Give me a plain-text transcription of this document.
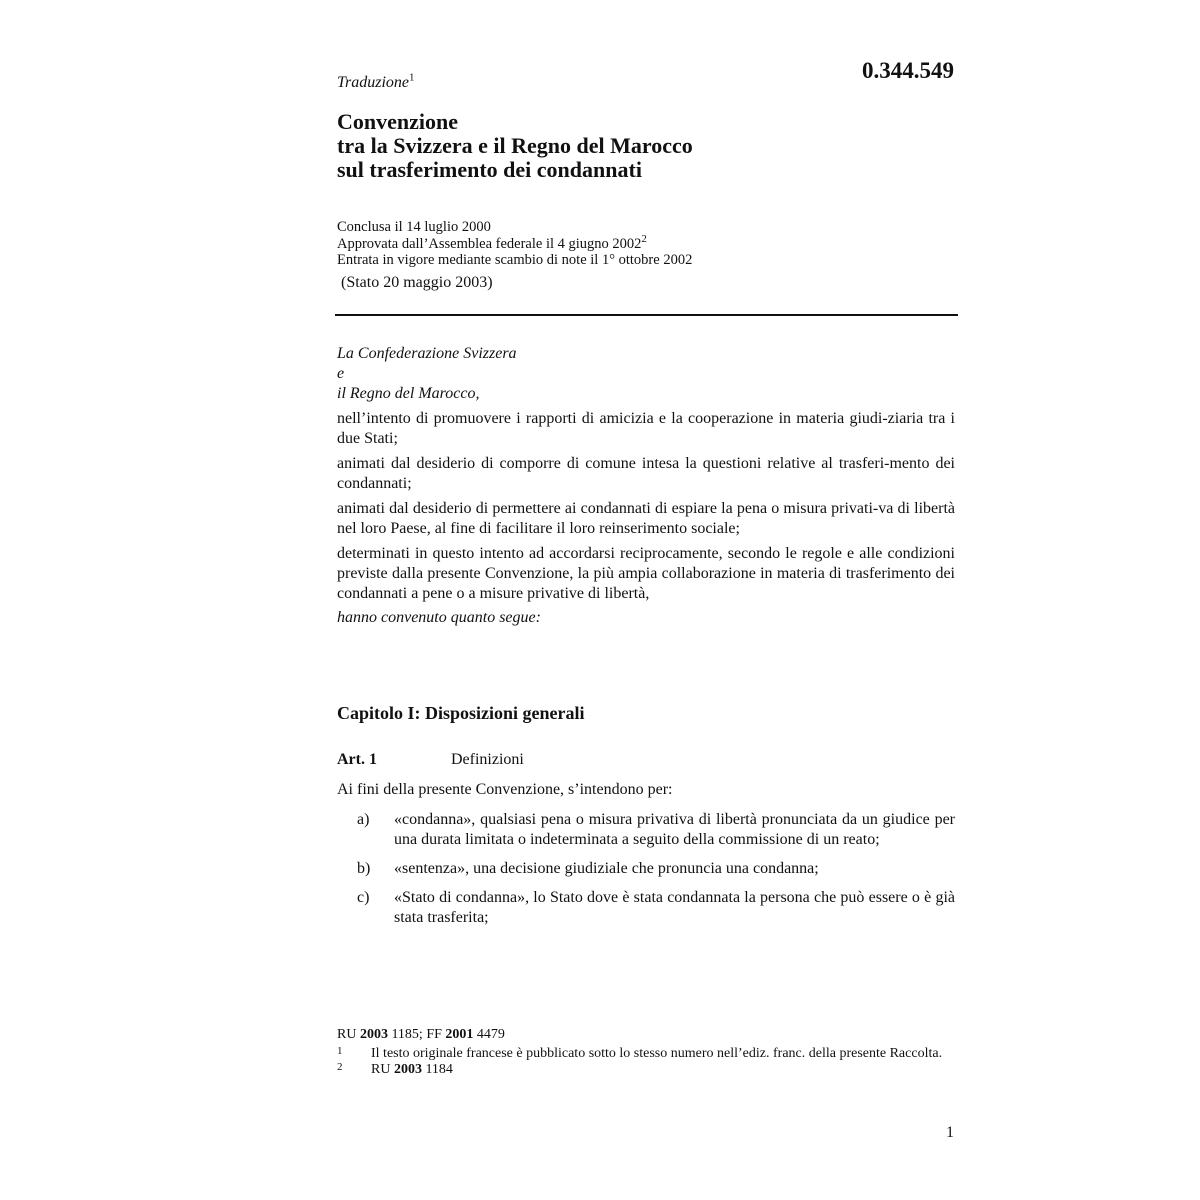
0.344.549
Traduzione$^1$
Convenzione
tra la Svizzera e il Regno del Marocco
sul trasferimento dei condannati
Conclusa il 14 luglio 2000
Approvata dall’Assemblea federale il 4 giugno 2002$^2$
Entrata in vigore mediante scambio di note il 1° ottobre 2002
(Stato 20 maggio 2003)
La Confederazione Svizzera
e
il Regno del Marocco,
nell’intento di promuovere i rapporti di amicizia e la cooperazione in materia giudi-ziaria tra i due Stati;
animati dal desiderio di comporre di comune intesa la questioni relative al trasferi-mento dei condannati;
animati dal desiderio di permettere ai condannati di espiare la pena o misura privati-va di libertà nel loro Paese, al fine di facilitare il loro reinserimento sociale;
determinati in questo intento ad accordarsi reciprocamente, secondo le regole e alle condizioni previste dalla presente Convenzione, la più ampia collaborazione in materia di trasferimento dei condannati a pene o a misure privative di libertà,
hanno convenuto quanto segue:
Capitolo I: Disposizioni generali
Art. 1	Definizioni
Ai fini della presente Convenzione, s’intendono per:
a)	«condanna», qualsiasi pena o misura privativa di libertà pronunciata da un giudice per una durata limitata o indeterminata a seguito della commissione di un reato;
b)	«sentenza», una decisione giudiziale che pronuncia una condanna;
c)	«Stato di condanna», lo Stato dove è stata condannata la persona che può essere o è già stata trasferita;
RU 2003 1185; FF 2001 4479
1	Il testo originale francese è pubblicato sotto lo stesso numero nell’ediz. franc. della presente Raccolta.
2	RU 2003 1184
1
